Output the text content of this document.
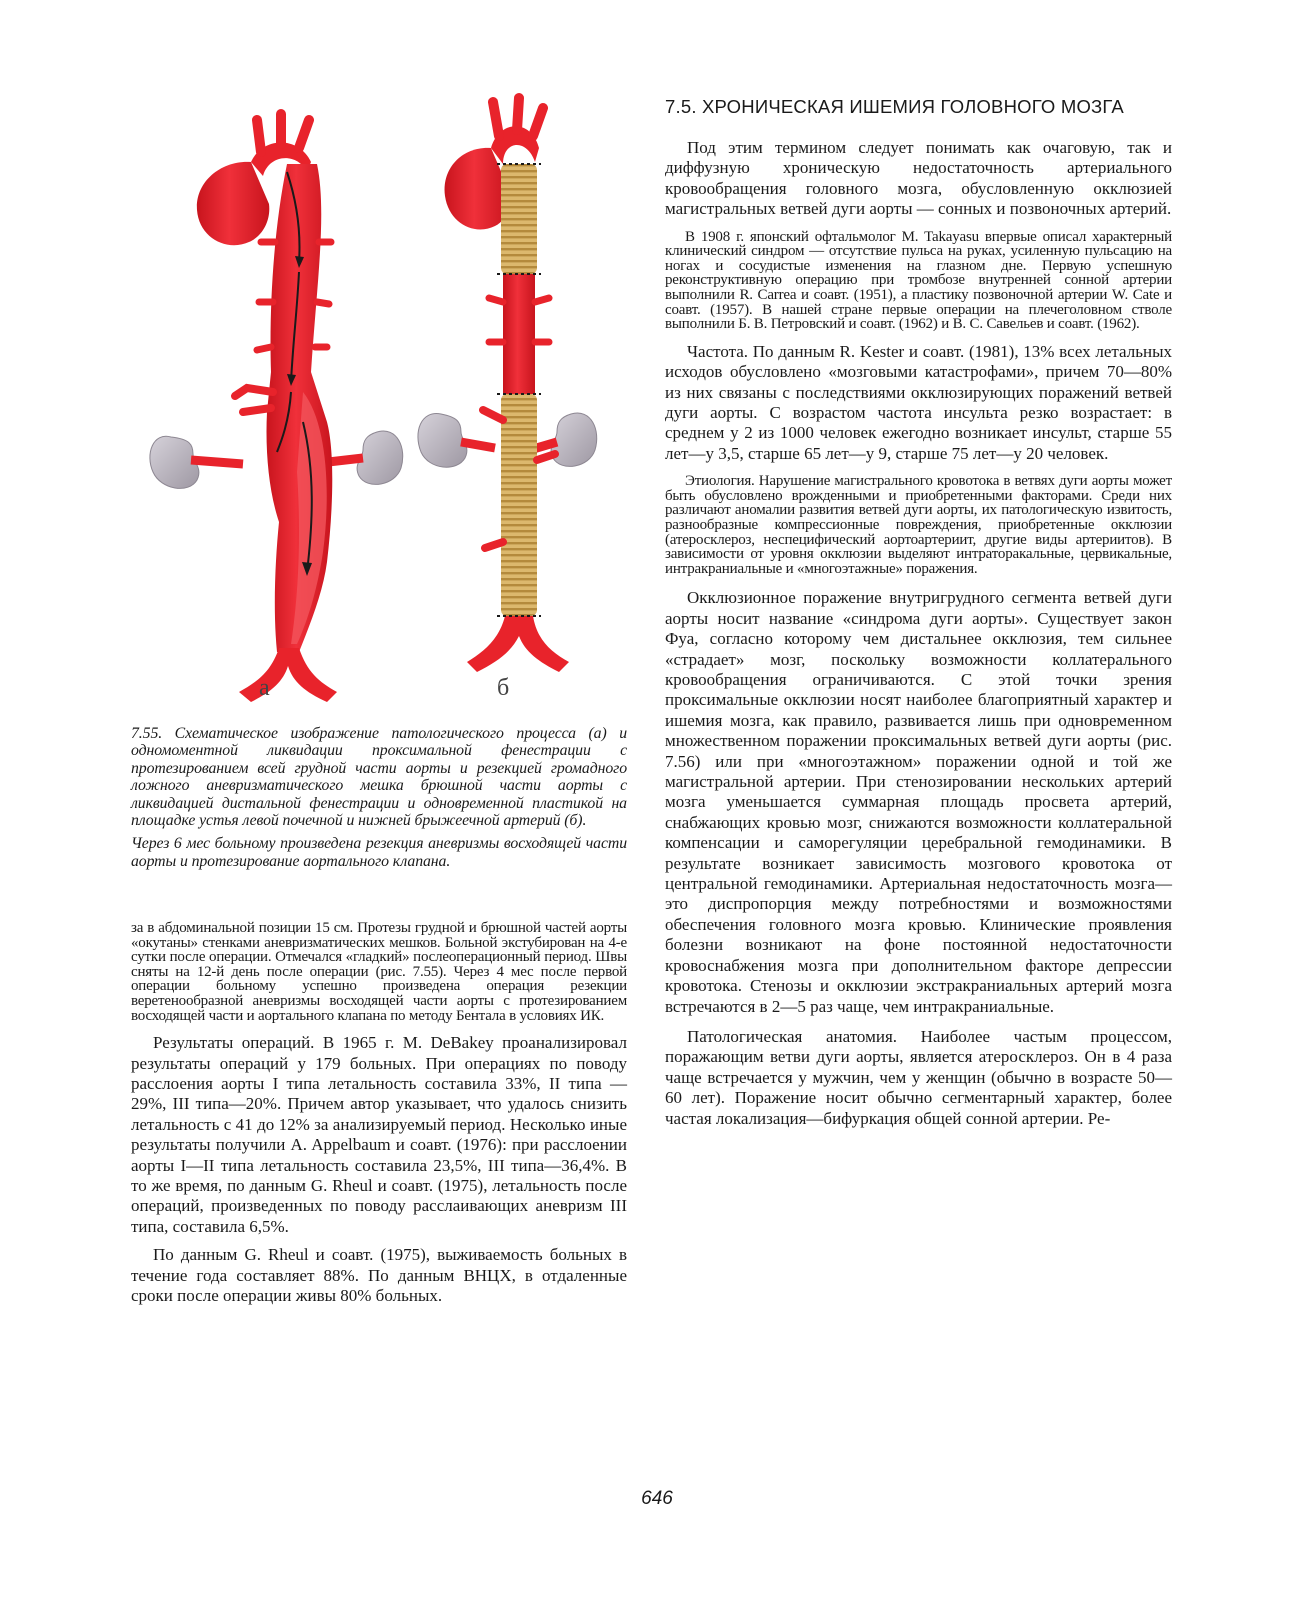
а	б
7.5. ХРОНИЧЕСКАЯ ИШЕМИЯ ГОЛОВНОГО МОЗГА

7.55. Схематическое изображение патологического процесса (а) и одномоментной ликвидации проксимальной фенестрации с протезированием всей грудной части аорты и резекцией громадного ложного аневризматического мешка брюшной части аорты с ликвидацией дистальной фенестрации и одновременной пластикой на площадке устья левой почечной и нижней брыжеечной артерий (б).

Через 6 мес больному произведена резекция аневризмы восходящей части аорты и протезирование аортального клапана.

за в абдоминальной позиции 15 см. Протезы грудной и брюшной частей аорты «окутаны» стенками аневризматических мешков. Больной экстубирован на 4-е сутки после операции. Отмечался «гладкий» послеоперационный период. Швы сняты на 12-й день после операции (рис. 7.55). Через 4 мес после первой операции больному успешно произведена операция резекции веретенообразной аневризмы восходящей части аорты с протезированием восходящей части и аортального клапана по методу Бентала в условиях ИК.

Результаты операций. В 1965 г. M. DeBakey проанализировал результаты операций у 179 больных. При операциях по поводу расслоения аорты I типа летальность составила 33%, II типа — 29%, III типа—20%. Причем автор указывает, что удалось снизить летальность с 41 до 12% за анализируемый период. Несколько иные результаты получили A. Appelbaum и соавт. (1976): при расслоении аорты I—II типа летальность составила 23,5%, III типа—36,4%. В то же время, по данным G. Rheul и соавт. (1975), летальность после операций, произведенных по поводу расслаивающих аневризм III типа, составила 6,5%.

По данным G. Rheul и соавт. (1975), выживаемость больных в течение года составляет 88%. По данным ВНЦХ, в отдаленные сроки после операции живы 80% больных.

Под этим термином следует понимать как очаговую, так и диффузную хроническую недостаточность артериального кровообращения головного мозга, обусловленную окклюзией магистральных ветвей дуги аорты — сонных и позвоночных артерий.

В 1908 г. японский офтальмолог M. Takayasu впервые описал характерный клинический синдром — отсутствие пульса на руках, усиленную пульсацию на ногах и сосудистые изменения на глазном дне. Первую успешную реконструктивную операцию при тромбозе внутренней сонной артерии выполнили R. Carrea и соавт. (1951), а пластику позвоночной артерии W. Cate и соавт. (1957). В нашей стране первые операции на плечеголовном стволе выполнили Б. В. Петровский и соавт. (1962) и В. С. Савельев и соавт. (1962).

Частота. По данным R. Kester и соавт. (1981), 13% всех летальных исходов обусловлено «мозговыми катастрофами», причем 70—80% из них связаны с последствиями окклюзирующих поражений ветвей дуги аорты. С возрастом частота инсульта резко возрастает: в среднем у 2 из 1000 человек ежегодно возникает инсульт, старше 55 лет—у 3,5, старше 65 лет—у 9, старше 75 лет—у 20 человек.

Этиология. Нарушение магистрального кровотока в ветвях дуги аорты может быть обусловлено врожденными и приобретенными факторами. Среди них различают аномалии развития ветвей дуги аорты, их патологическую извитость, разнообразные компрессионные повреждения, приобретенные окклюзии (атеросклероз, неспецифический аортоартериит, другие виды артериитов). В зависимости от уровня окклюзии выделяют интраторакальные, цервикальные, интракраниальные и «многоэтажные» поражения.

Окклюзионное поражение внутригрудного сегмента ветвей дуги аорты носит название «синдрома дуги аорты». Существует закон Фуа, согласно которому чем дистальнее окклюзия, тем сильнее «страдает» мозг, поскольку возможности коллатерального кровообращения ограничиваются. С этой точки зрения проксимальные окклюзии носят наиболее благоприятный характер и ишемия мозга, как правило, развивается лишь при одновременном множественном поражении проксимальных ветвей дуги аорты (рис. 7.56) или при «многоэтажном» поражении одной и той же магистральной артерии. При стенозировании нескольких артерий мозга уменьшается суммарная площадь просвета артерий, снабжающих кровью мозг, снижаются возможности коллатеральной компенсации и саморегуляции церебральной гемодинамики. В результате возникает зависимость мозгового кровотока от центральной гемодинамики. Артериальная недостаточность мозга—это диспропорция между потребностями и возможностями обеспечения головного мозга кровью. Клинические проявления болезни возникают на фоне постоянной недостаточности кровоснабжения мозга при дополнительном факторе депрессии кровотока. Стенозы и окклюзии экстракраниальных артерий мозга встречаются в 2—5 раз чаще, чем интракраниальные.

Патологическая анатомия. Наиболее частым процессом, поражающим ветви дуги аорты, является атеросклероз. Он в 4 раза чаще встречается у мужчин, чем у женщин (обычно в возрасте 50—60 лет). Поражение носит обычно сегментарный характер, более частая локализация—бифуркация общей сонной артерии. Ре-

646
